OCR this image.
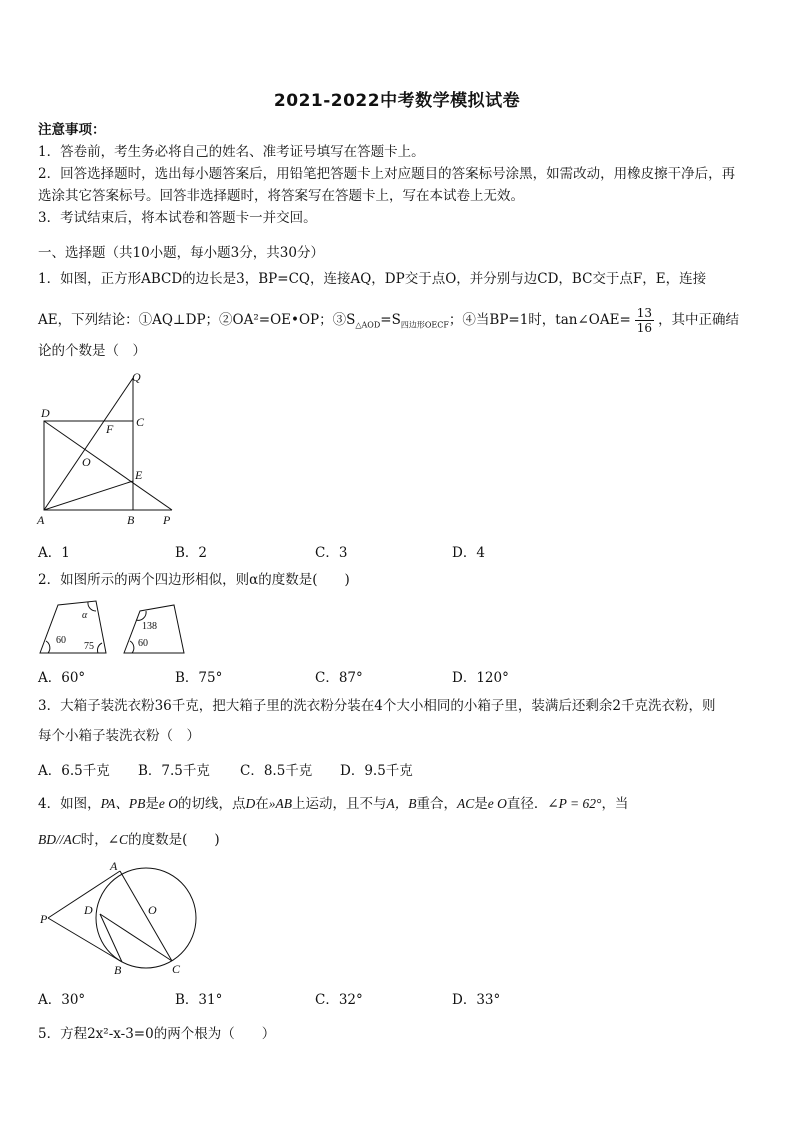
2021-2022中考数学模拟试卷
注意事项：
1．答卷前，考生务必将自己的姓名、准考证号填写在答题卡上。
2．回答选择题时，选出每小题答案后，用铅笔把答题卡上对应题目的答案标号涂黑，如需改动，用橡皮擦干净后，再
选涂其它答案标号。回答非选择题时，将答案写在答题卡上，写在本试卷上无效。
3．考试结束后，将本试卷和答题卡一并交回。
一、选择题（共10小题，每小题3分，共30分）
1．如图，正方形ABCD的边长是3，BP=CQ，连接AQ，DP交于点O，并分别与边CD，BC交于点F，E，连接
AE，下列结论：①AQ⊥DP；②OA²=OE•OP；$③S_{\triangle AOD}=S_{四边形OECF}$；④当BP=1时，tan∠OAE= $\frac{13}{16}$ ，其中正确结
论的个数是（　）
Q
D
C
F
O
E
A	B P
A．1	B．2	C．3	D．4
2．如图所示的两个四边形相似，则α的度数是(　　)
α
60
75
138
60
A．60°	B．75°	C．87°	D．120°
3．大箱子装洗衣粉36千克，把大箱子里的洗衣粉分装在4个大小相同的小箱子里，装满后还剩余2千克洗衣粉，则
每个小箱子装洗衣粉（　）
A．6.5千克 B．7.5千克 C．8.5千克 D．9.5千克
4．如图，PA、PB是e O的切线，点D在»AB上运动，且不与A，B重合，AC是e O直径．∠P = 62°，当
BD//AC时，∠C的度数是(　　)
A
P
D	O
B	C
A．30°	B．31°	C．32°	D．33°
5．方程2x²-x-3=0的两个根为（　　）
